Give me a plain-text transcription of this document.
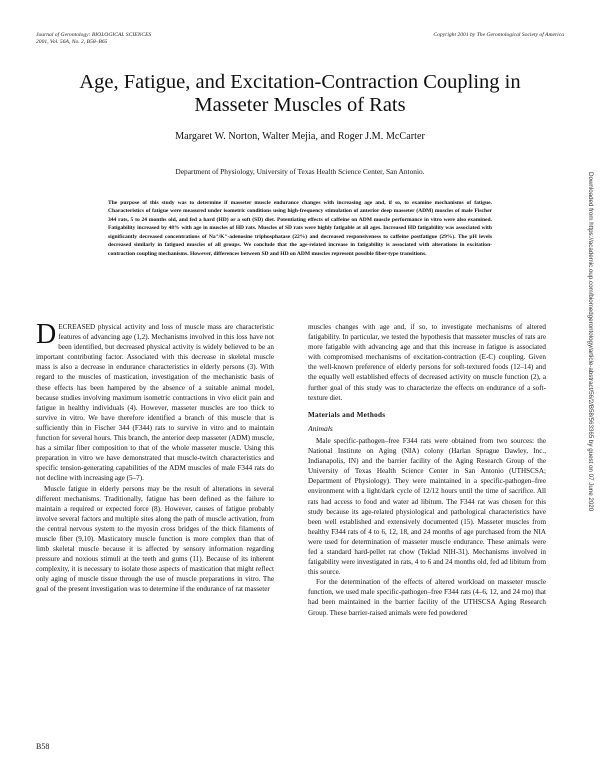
Journal of Gerontology: BIOLOGICAL SCIENCES
2001, Vol. 56A, No. 2, B58–B65
Copyright 2001 by The Gerontological Society of America
Age, Fatigue, and Excitation-Contraction Coupling in Masseter Muscles of Rats
Margaret W. Norton, Walter Mejia, and Roger J.M. McCarter
Department of Physiology, University of Texas Health Science Center, San Antonio.

The purpose of this study was to determine if masseter muscle endurance changes with increasing age and, if so, to examine mechanisms of fatigue. Characteristics of fatigue were measured under isometric conditions using high-frequency stimulation of anterior deep masseter (ADM) muscles of male Fischer 344 rats, 5 to 24 months old, and fed a hard (HD) or a soft (SD) diet. Potentiating effects of caffeine on ADM muscle performance in vitro were also examined. Fatigability increased by 48% with age in muscles of HD rats. Muscles of SD rats were highly fatigable at all ages. Increased HD fatigability was associated with significantly decreased concentrations of Na⁺/K⁺-adenosine triphosphatase (22%) and decreased responsiveness to caffeine postfatigue (29%). The pH levels decreased similarly in fatigued muscles of all groups. We conclude that the age-related increase in fatigability is associated with alterations in excitation-contraction coupling mechanisms. However, differences between SD and HD on ADM muscles represent possible fiber-type transitions.	Downloaded from https://academic.oup.com/biomedgerontology/article-abstract/56/2/B58/563365 by guest on 07 June 2020

DECREASED physical activity and loss of muscle mass are characteristic features of advancing age (1,2). Mechanisms involved in this loss have not been identified, but decreased physical activity is widely believed to be an important contributing factor. Associated with this decrease in skeletal muscle mass is also a decrease in endurance characteristics in elderly persons (3). With regard to the muscles of mastication, investigation of the mechanistic basis of these effects has been hampered by the absence of a suitable animal model, because studies involving maximum isometric contractions in vivo elicit pain and fatigue in healthy individuals (4). However, masseter muscles are too thick to survive in vitro. We have therefore identified a branch of this muscle that is sufficiently thin in Fischer 344 (F344) rats to survive in vitro and to maintain function for several hours. This branch, the anterior deep masseter (ADM) muscle, has a similar fiber composition to that of the whole masseter muscle. Using this preparation in vitro we have demonstrated that muscle-twitch characteristics and specific tension-generating capabilities of the ADM muscles of male F344 rats do not decline with increasing age (5–7).

Muscle fatigue in elderly persons may be the result of alterations in several different mechanisms. Traditionally, fatigue has been defined as the failure to maintain a required or expected force (8). However, causes of fatigue probably involve several factors and multiple sites along the path of muscle activation, from the central nervous system to the myosin cross bridges of the thick filaments of muscle fiber (9,10). Masticatory muscle function is more complex than that of limb skeletal muscle because it is affected by sensory information regarding pressure and noxious stimuli at the teeth and gums (11). Because of its inherent complexity, it is necessary to isolate those aspects of mastication that might reflect only aging of muscle tissue through the use of muscle preparations in vitro. The goal of the present investigation was to determine if the endurance of rat masseter

muscles changes with age and, if so, to investigate mechanisms of altered fatigability. In particular, we tested the hypothesis that masseter muscles of rats are more fatigable with advancing age and that this increase in fatigue is associated with compromised mechanisms of excitation-contraction (E-C) coupling. Given the well-known preference of elderly persons for soft-textured foods (12–14) and the equally well established effects of decreased activity on muscle function (2), a further goal of this study was to characterize the effects on endurance of a soft-texture diet.

Materials and Methods
Animals

Male specific-pathogen–free F344 rats were obtained from two sources: the National Institute on Aging (NIA) colony (Harlan Sprague Dawley, Inc., Indianapolis, IN) and the barrier facility of the Aging Research Group of the University of Texas Health Science Center in San Antonio (UTHSCSA; Department of Physiology). They were maintained in a specific-pathogen–free environment with a light/dark cycle of 12/12 hours until the time of sacrifice. All rats had access to food and water ad libitum. The F344 rat was chosen for this study because its age-related physiological and pathological characteristics have been well established and extensively documented (15). Masseter muscles from healthy F344 rats of 4 to 6, 12, 18, and 24 months of age purchased from the NIA were used for determination of masseter muscle endurance. These animals were fed a standard hard-pellet rat chow (Teklad NIH-31). Mechanisms involved in fatigability were investigated in rats, 4 to 6 and 24 months old, fed ad libitum from this source.

For the determination of the effects of altered workload on masseter muscle function, we used male specific-pathogen–free F344 rats (4–6, 12, and 24 mo) that had been maintained in the barrier facility of the UTHSCSA Aging Research Group. These barrier-raised animals were fed powdered

B58
